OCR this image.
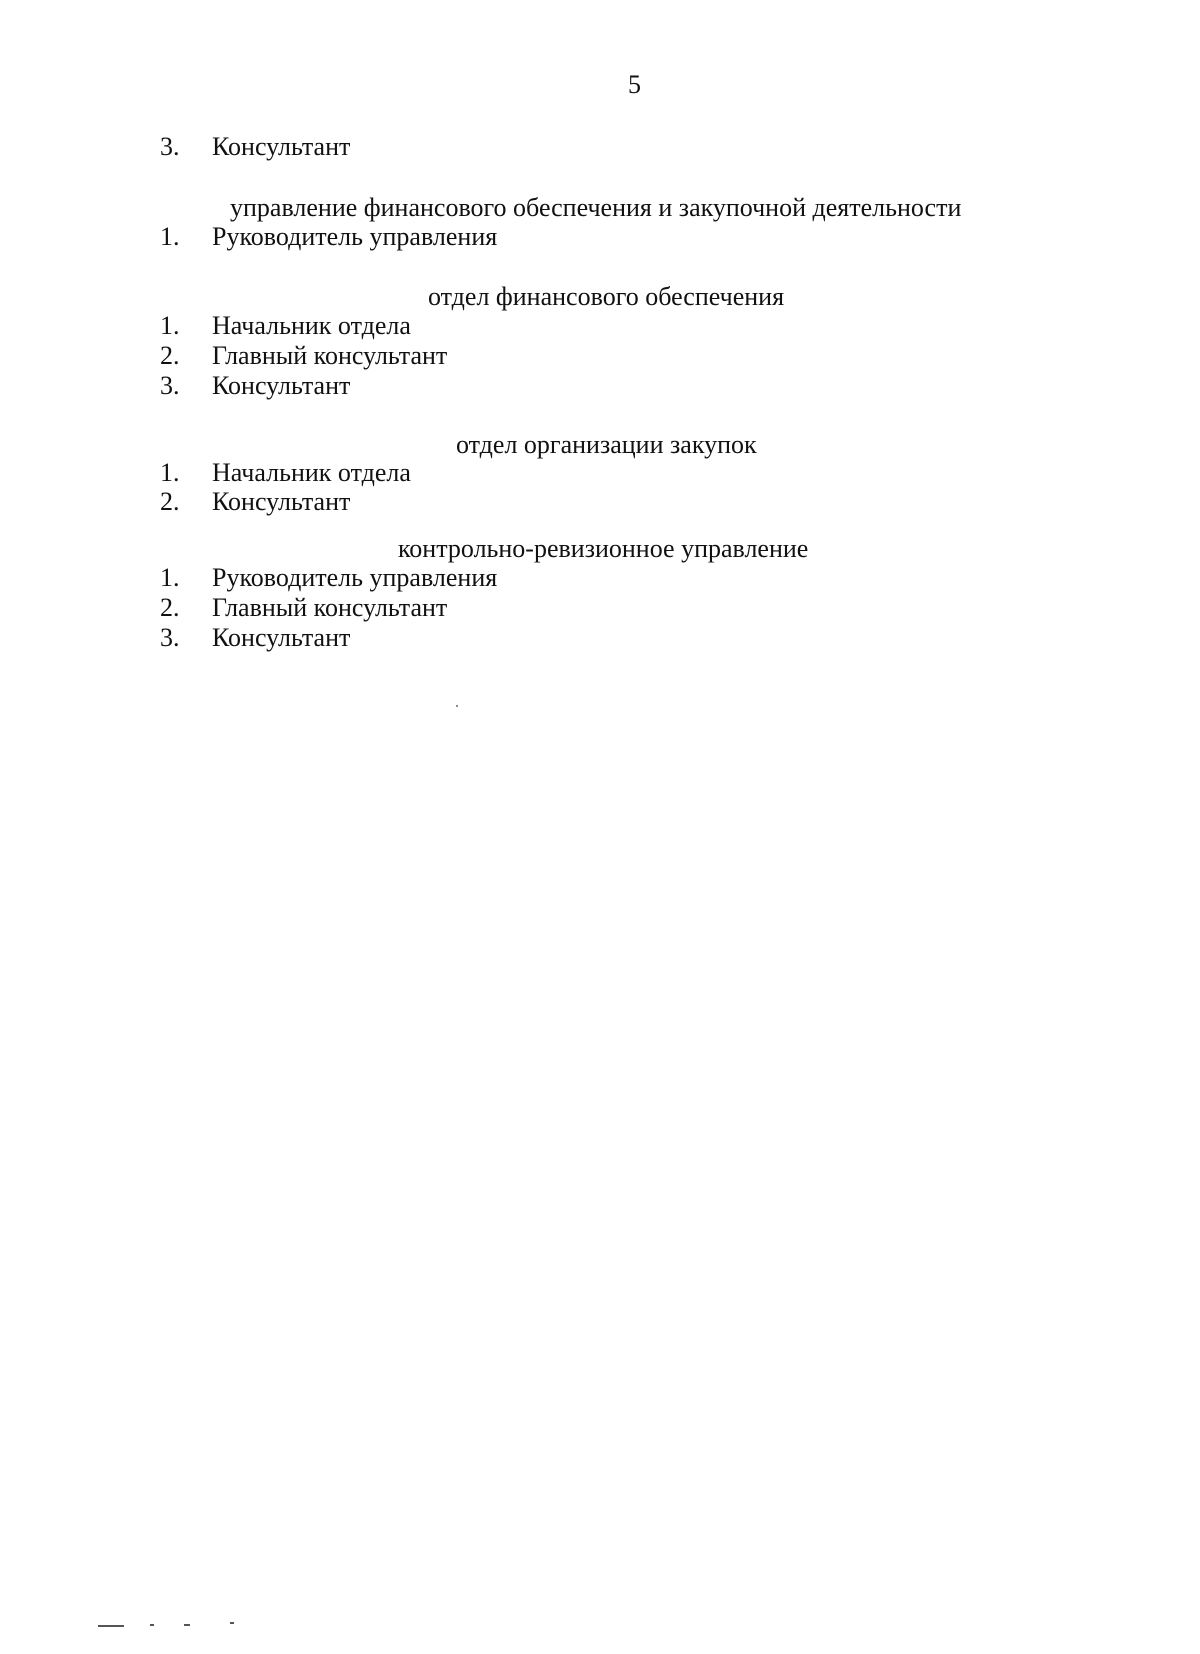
5
3.	Консультант
управление финансового обеспечения и закупочной деятельности
1.	Руководитель управления
отдел финансового обеспечения
1.	Начальник отдела
2.	Главный консультант
3.	Консультант
отдел организации закупок
1.	Начальник отдела
2.	Консультант
контрольно-ревизионное управление
1.	Руководитель управления
2.	Главный консультант
3.	Консультант
